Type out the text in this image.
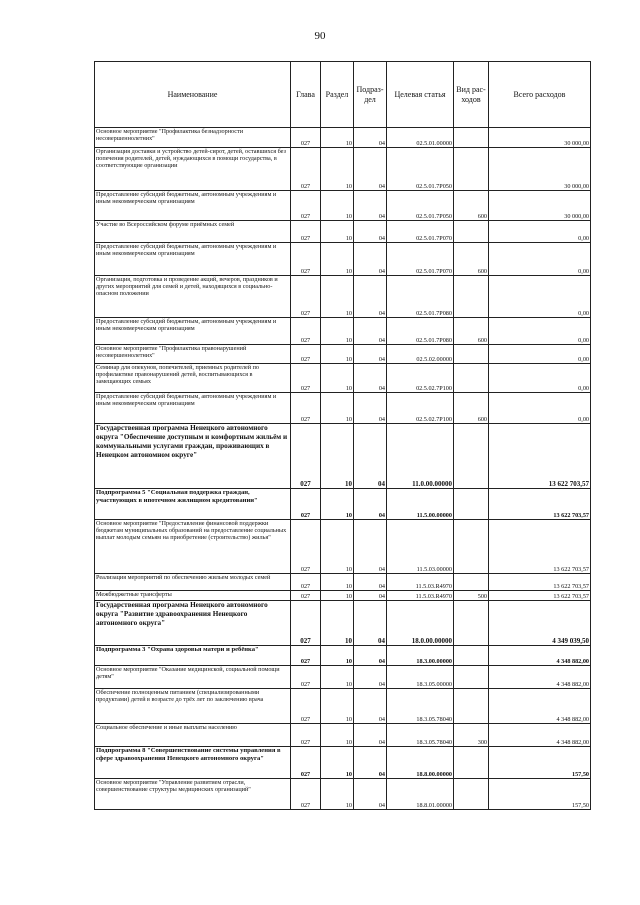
90
Наименование	Глава	Раздел	Подраз-дел	Целевая статья	Вид рас-ходов	Всего расходов
Основное мероприятие "Профилактика безнадзорности несовершеннолетних"	027	10	04	02.5.01.00000		30 000,00
Организация доставки и устройство детей-сирот, детей, оставшихся без попечения родителей, детей, нуждающихся в помощи государства, в соответствующие организации	027	10	04	02.5.01.7Р050		30 000,00
Предоставление субсидий бюджетным, автономным учреждениям и иным некоммерческим организациям	027	10	04	02.5.01.7Р050	600	30 000,00
Участие во Всероссийском форуме приёмных семей	027	10	04	02.5.01.7Р070		0,00
Предоставление субсидий бюджетным, автономным учреждениям и иным некоммерческим организациям	027	10	04	02.5.01.7Р070	600	0,00
Организация, подготовка и проведение акций, вечеров, праздников и других мероприятий для семей и детей, находящихся в социально-опасном положении	027	10	04	02.5.01.7Р080		0,00
Предоставление субсидий бюджетным, автономным учреждениям и иным некоммерческим организациям	027	10	04	02.5.01.7Р080	600	0,00
Основное мероприятие "Профилактика правонарушений несовершеннолетних"	027	10	04	02.5.02.00000		0,00
Семинар для опекунов, попечителей, приемных родителей по профилактике правонарушений детей, воспитывающихся в замещающих семьях	027	10	04	02.5.02.7Р100		0,00
Предоставление субсидий бюджетным, автономным учреждениям и иным некоммерческим организациям	027	10	04	02.5.02.7Р100	600	0,00
Государственная программа Ненецкого автономного округа "Обеспечение доступным и комфортным жильём и коммунальными услугами граждан, проживающих в Ненецком автономном округе"	027	10	04	11.0.00.00000		13 622 703,57
Подпрограмма 5 "Социальная поддержка граждан, участвующих в ипотечном жилищном кредитовании"	027	10	04	11.5.00.00000		13 622 703,57
Основное мероприятие "Предоставление финансовой поддержки бюджетам муниципальных образований на предоставление социальных выплат молодым семьям на приобретение (строительство) жилья"	027	10	04	11.5.03.00000		13 622 703,57
Реализация мероприятий по обеспечению жильем молодых семей	027	10	04	11.5.03.R4970		13 622 703,57
Межбюджетные трансферты	027	10	04	11.5.03.R4970	500	13 622 703,57
Государственная программа Ненецкого автономного округа "Развитие здравоохранения Ненецкого автономного округа"	027	10	04	18.0.00.00000		4 349 039,50
Подпрограмма 3 "Охрана здоровья матери и ребёнка"	027	10	04	18.3.00.00000		4 348 882,00
Основное мероприятие "Оказание медицинской, социальной помощи детям"	027	10	04	18.3.05.00000		4 348 882,00
Обеспечение полноценным питанием (специализированными продуктами) детей в возрасте до трёх лет по заключению врача	027	10	04	18.3.05.78040		4 348 882,00
Социальное обеспечение и иные выплаты населению	027	10	04	18.3.05.78040	300	4 348 882,00
Подпрограмма 8 "Совершенствование системы управления в сфере здравоохранения Ненецкого автономного округа"	027	10	04	18.8.00.00000		157,50
Основное мероприятие "Управление развитием отрасли, совершенствование структуры медицинских организаций"	027	10	04	18.8.01.00000		157,50
